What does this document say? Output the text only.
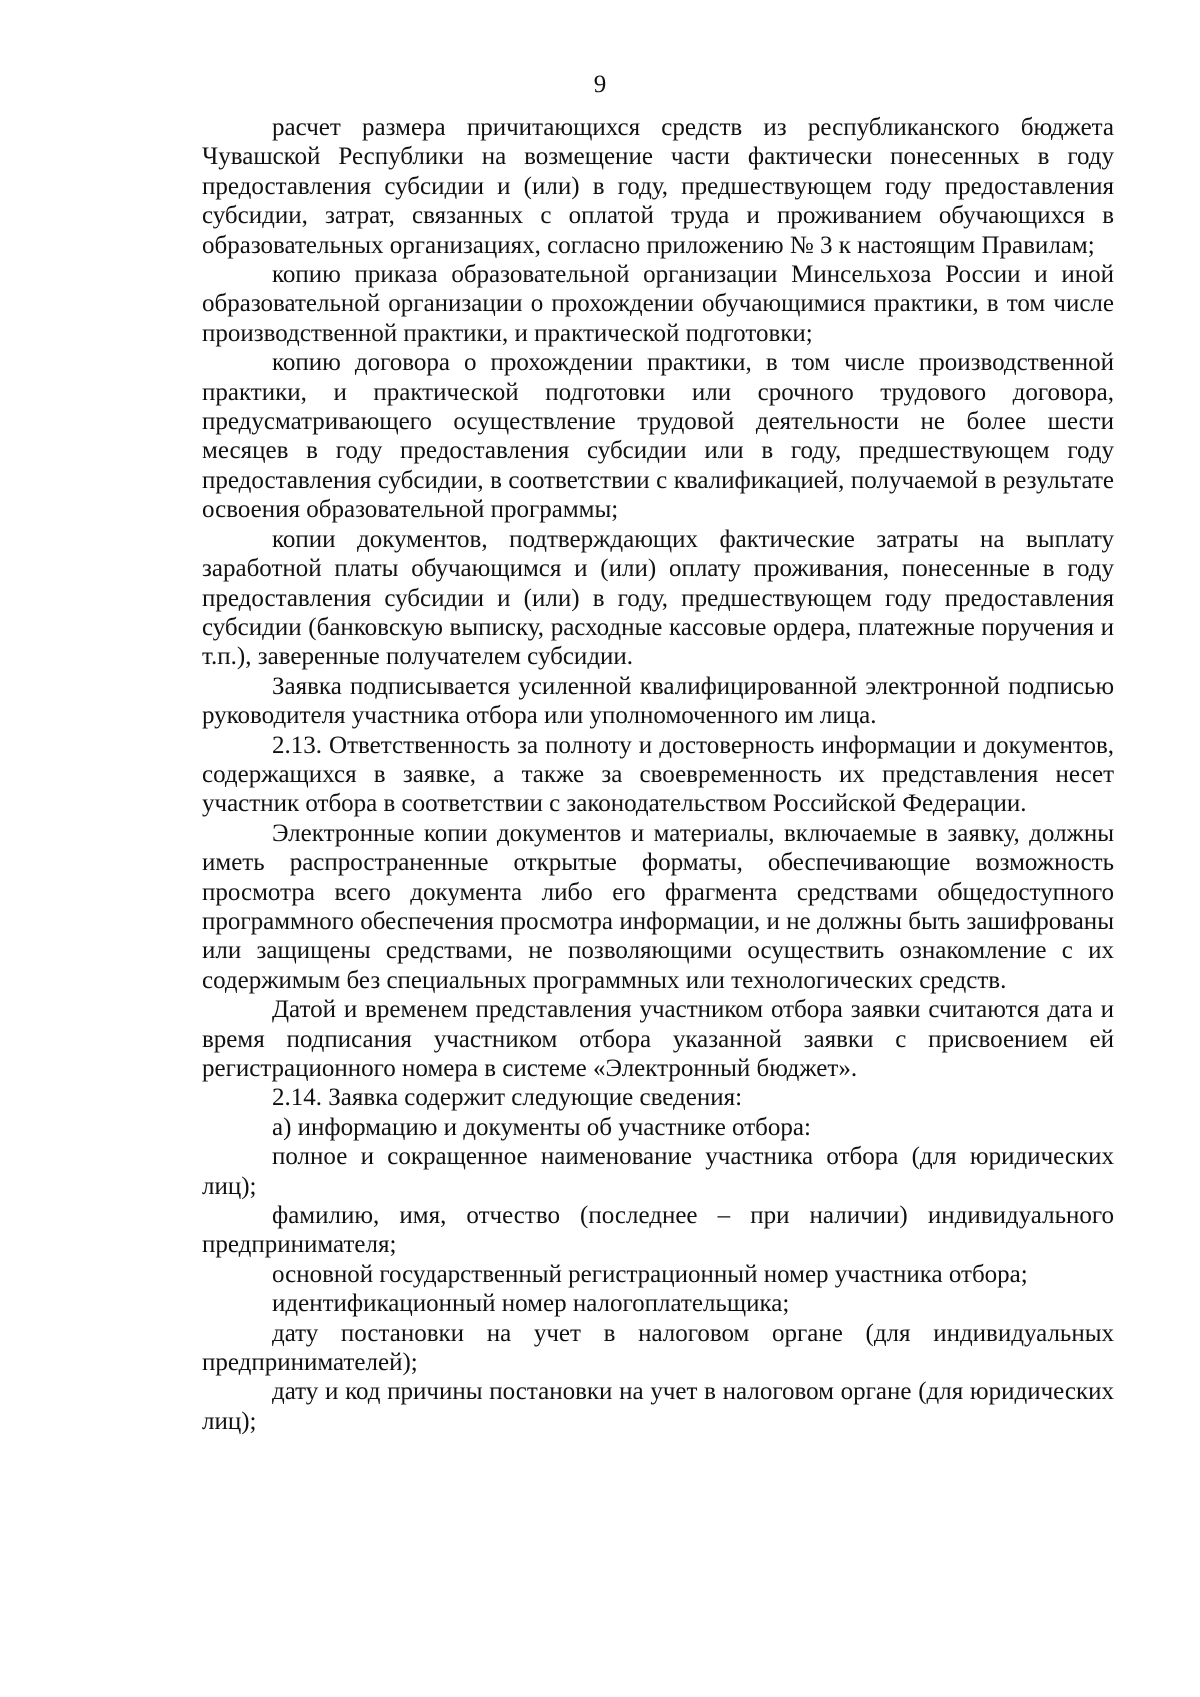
9

расчет размера причитающихся средств из республиканского бюджета Чувашской Республики на возмещение части фактически понесенных в году предоставления субсидии и (или) в году, предшествующем году предоставления субсидии, затрат, связанных с оплатой труда и проживанием обучающихся в образовательных организациях, согласно приложению № 3 к настоящим Правилам;

копию приказа образовательной организации Минсельхоза России и иной образовательной организации о прохождении обучающимися практики, в том числе производственной практики, и практической подготовки;

копию договора о прохождении практики, в том числе производственной практики, и практической подготовки или срочного трудового договора, предусматривающего осуществление трудовой деятельности не более шести месяцев в году предоставления субсидии или в году, предшествующем году предоставления субсидии, в соответствии с квалификацией, получаемой в результате освоения образовательной программы;

копии документов, подтверждающих фактические затраты на выплату заработной платы обучающимся и (или) оплату проживания, понесенные в году предоставления субсидии и (или) в году, предшествующем году предоставления субсидии (банковскую выписку, расходные кассовые ордера, платежные поручения и т.п.), заверенные получателем субсидии.

Заявка подписывается усиленной квалифицированной электронной подписью руководителя участника отбора или уполномоченного им лица.

2.13. Ответственность за полноту и достоверность информации и документов, содержащихся в заявке, а также за своевременность их представления несет участник отбора в соответствии с законодательством Российской Федерации.

Электронные копии документов и материалы, включаемые в заявку, должны иметь распространенные открытые форматы, обеспечивающие возможность просмотра всего документа либо его фрагмента средствами общедоступного программного обеспечения просмотра информации, и не должны быть зашифрованы или защищены средствами, не позволяющими осуществить ознакомление с их содержимым без специальных программных или технологических средств.

Датой и временем представления участником отбора заявки считаются дата и время подписания участником отбора указанной заявки с присвоением ей регистрационного номера в системе «Электронный бюджет».

2.14. Заявка содержит следующие сведения:

а) информацию и документы об участнике отбора:

полное и сокращенное наименование участника отбора (для юридических лиц);

фамилию, имя, отчество (последнее – при наличии) индивидуального предпринимателя;

основной государственный регистрационный номер участника отбора;

идентификационный номер налогоплательщика;

дату постановки на учет в налоговом органе (для индивидуальных предпринимателей);

дату и код причины постановки на учет в налоговом органе (для юридических лиц);
